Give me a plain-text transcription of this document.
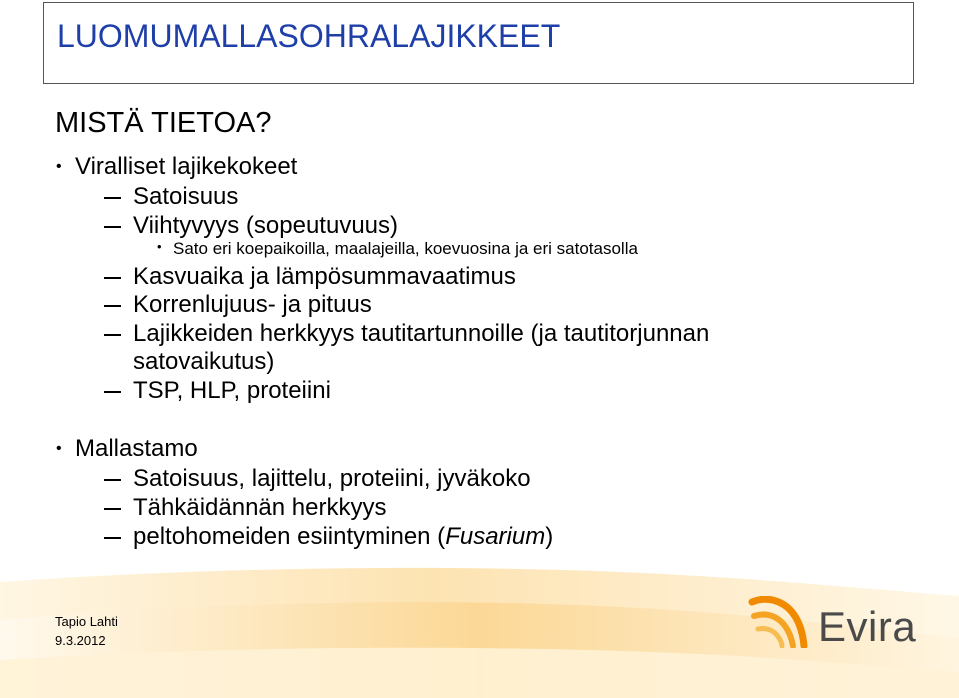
LUOMUMALLASOHRALAJIKKEET
MISTÄ TIETOA?
• Viralliset lajikekokeet
Satoisuus
Viihtyvyys (sopeutuvuus)
• Sato eri koepaikoilla, maalajeilla, koevuosina ja eri satotasolla
Kasvuaika ja lämpösummavaatimus
Korrenlujuus- ja pituus
Lajikkeiden herkkyys tautitartunnoille (ja tautitorjunnan
satovaikutus)
TSP, HLP, proteiini
• Mallastamo
Satoisuus, lajittelu, proteiini, jyväkoko
Tähkäidännän herkkyys
peltohomeiden esiintyminen (Fusarium)
Tapio Lahti
9.3.2012	Evira
